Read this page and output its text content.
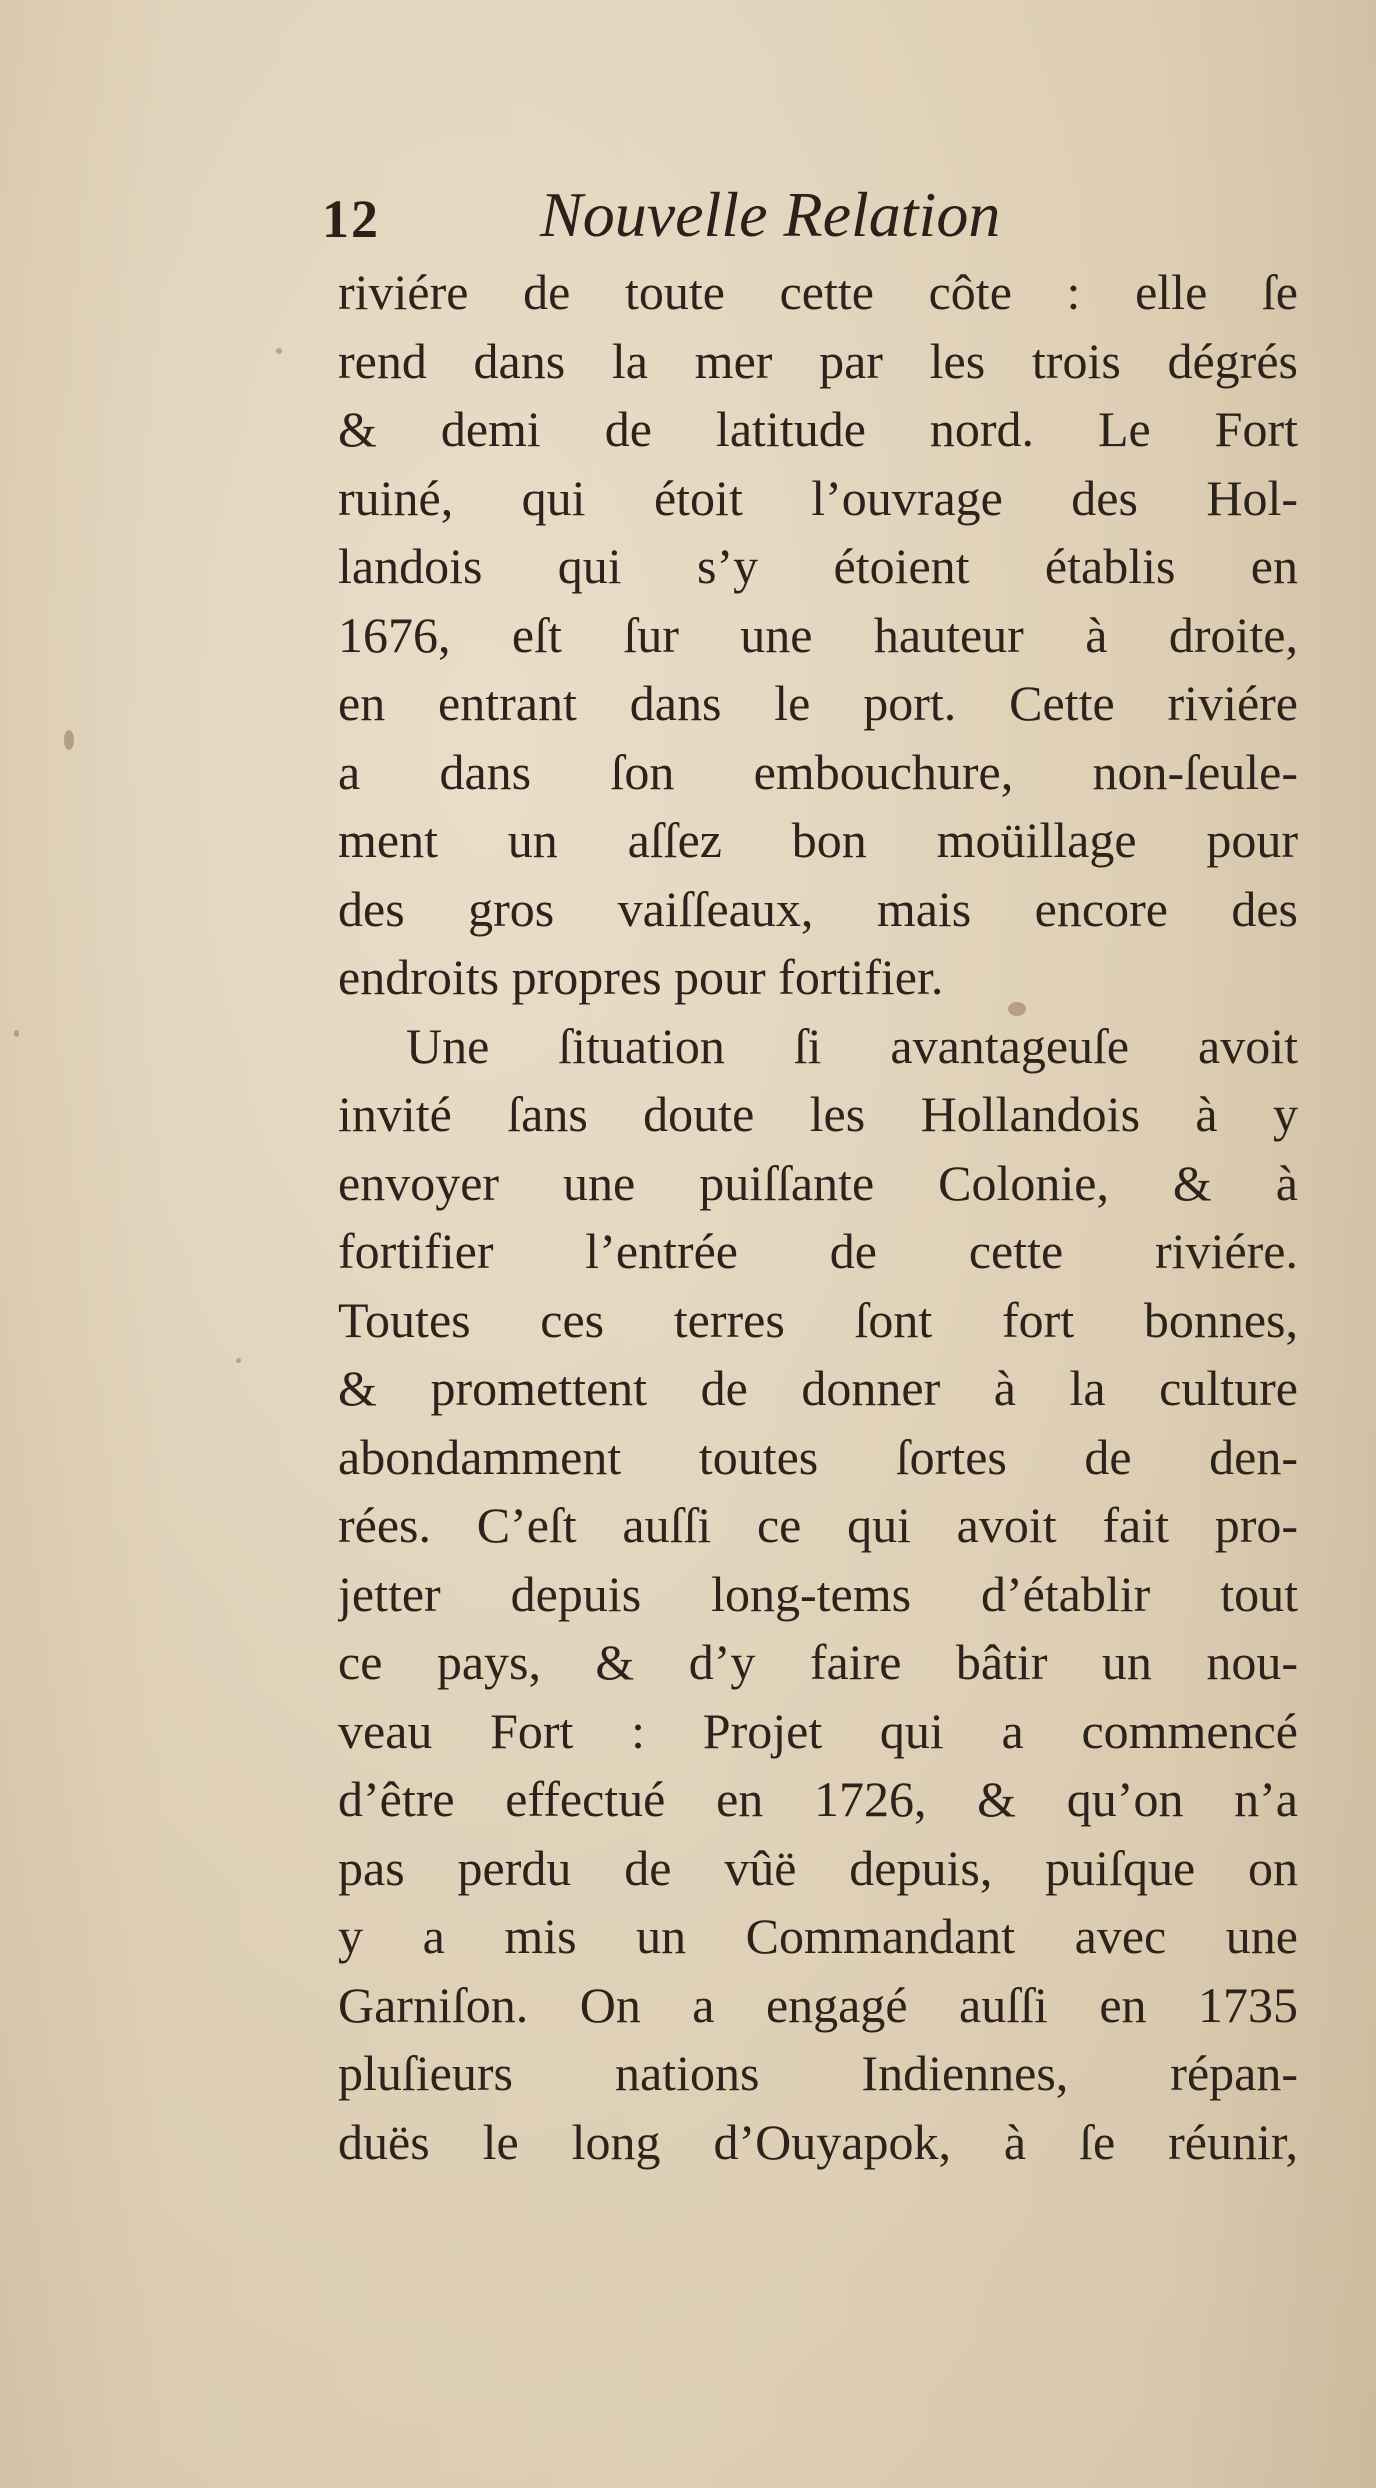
12	Nouvelle Relation
riviére de toute cette côte : elle ſe
rend dans la mer par les trois dégrés
& demi de latitude nord. Le Fort
ruiné, qui étoit l’ouvrage des Hol-
landois qui s’y étoient établis en
1676, eſt ſur une hauteur à droite,
en entrant dans le port. Cette riviére
a dans ſon embouchure, non-ſeule-
ment un aſſez bon moüillage pour
des gros vaiſſeaux, mais encore des
endroits propres pour fortifier.
Une ſituation ſi avantageuſe avoit
invité ſans doute les Hollandois à y
envoyer une puiſſante Colonie, & à
fortifier l’entrée de cette riviére.
Toutes ces terres ſont fort bonnes,
& promettent de donner à la culture
abondamment toutes ſortes de den-
rées. C’eſt auſſi ce qui avoit fait pro-
jetter depuis long-tems d’établir tout
ce pays, & d’y faire bâtir un nou-
veau Fort : Projet qui a commencé
d’être effectué en 1726, & qu’on n’a
pas perdu de vûë depuis, puiſque on
y a mis un Commandant avec une
Garniſon. On a engagé auſſi en 1735
pluſieurs nations Indiennes, répan-
duës le long d’Ouyapok, à ſe réunir,
